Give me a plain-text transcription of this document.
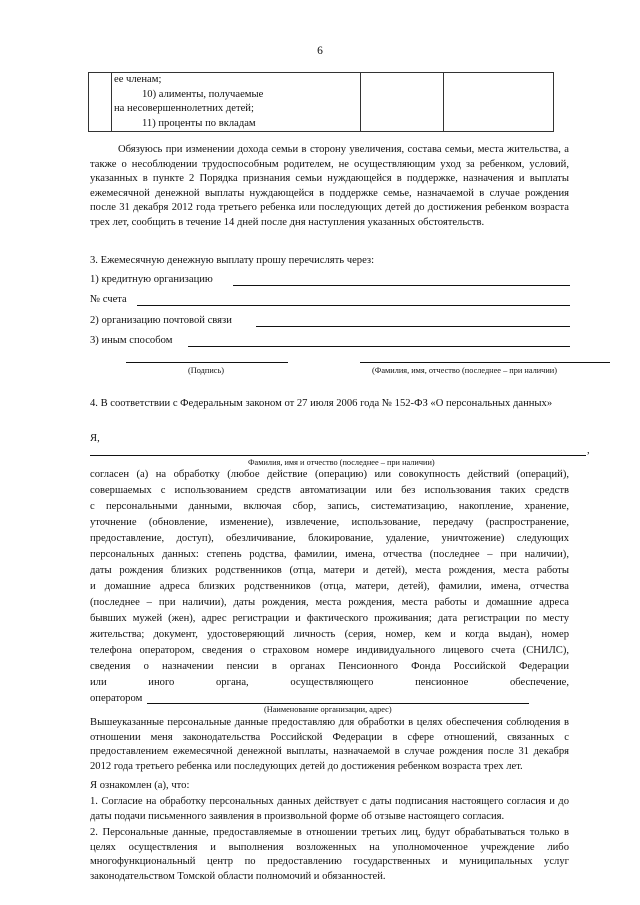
6

ее членам;
10) алименты, получаемые
на несовершеннолетних детей;
11) проценты по вкладам

Обязуюсь при изменении дохода семьи в сторону увеличения, состава семьи, места жительства, а также о несоблюдении трудоспособным родителем, не осуществляющим уход за ребенком, условий, указанных в пункте 2 Порядка признания семьи нуждающейся в поддержке, назначения и выплаты ежемесячной денежной выплаты нуждающейся в поддержке семье, назначаемой в случае рождения после 31 декабря 2012 года третьего ребенка или последующих детей до достижения ребенком возраста трех лет, сообщить в течение 14 дней после дня наступления указанных обстоятельств.
3. Ежемесячную денежную выплату прошу перечислять через:
1) кредитную организацию
№ счета
2) организацию почтовой связи
3) иным способом
(Подпись)	(Фамилия, имя, отчество (последнее – при наличии)
4. В соответствии с Федеральным законом от 27 июля 2006 года № 152-ФЗ «О персональных данных»
Я,
,
Фамилия, имя и отчество (последнее – при наличии)
согласен (а) на обработку (любое действие (операцию) или совокупность действий (операций),
совершаемых с использованием средств автоматизации или без использования таких средств
с персональными данными, включая сбор, запись, систематизацию, накопление, хранение,
уточнение (обновление, изменение), извлечение, использование, передачу (распространение,
предоставление, доступ), обезличивание, блокирование, удаление, уничтожение) следующих
персональных данных: степень родства, фамилии, имена, отчества (последнее – при наличии),
даты рождения близких родственников (отца, матери и детей), места рождения, места работы
и домашние адреса близких родственников (отца, матери, детей), фамилии, имена, отчества
(последнее – при наличии), даты рождения, места рождения, места работы и домашние адреса
бывших мужей (жен), адрес регистрации и фактического проживания; дата регистрации по месту
жительства; документ, удостоверяющий личность (серия, номер, кем и когда выдан), номер
телефона оператором, сведения о страховом номере индивидуального лицевого счета (СНИЛС),
сведения о назначении пенсии в органах Пенсионного Фонда Российской Федерации
или иного органа, осуществляющего пенсионное обеспечение,
оператором
(Наименование организации, адрес)
Вышеуказанные персональные данные предоставляю для обработки в целях обеспечения соблюдения в отношении меня законодательства Российской Федерации в сфере отношений, связанных с предоставлением ежемесячной денежной выплаты, назначаемой в случае рождения после 31 декабря 2012 года третьего ребенка или последующих детей до достижения ребенком возраста трех лет.
Я ознакомлен (а), что:
1. Согласие на обработку персональных данных действует с даты подписания настоящего согласия и до даты подачи письменного заявления в произвольной форме об отзыве настоящего согласия.
2. Персональные данные, предоставляемые в отношении третьих лиц, будут обрабатываться только в целях осуществления и выполнения возложенных на уполномоченное учреждение либо многофункциональный центр по предоставлению государственных и муниципальных услуг законодательством Томской области полномочий и обязанностей.
